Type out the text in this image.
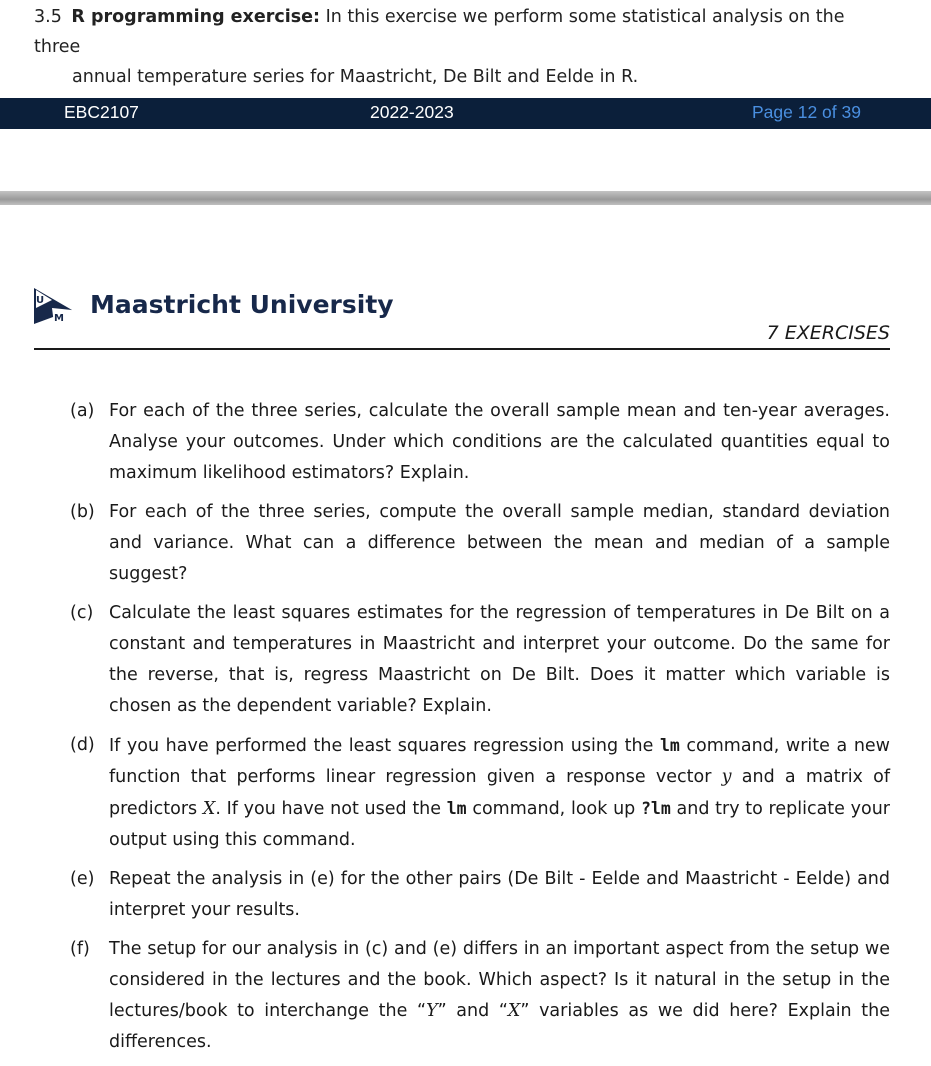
3.5 R programming exercise: In this exercise we perform some statistical analysis on the three
annual temperature series for Maastricht, De Bilt and Eelde in R.
EBC2107	2022-2023	Page 12 of 39
U
M Maastricht University
7 EXERCISES
(a) For each of the three series, calculate the overall sample mean and ten-year averages. Analyse your outcomes. Under which conditions are the calculated quantities equal to maximum likelihood estimators? Explain.
(b) For each of the three series, compute the overall sample median, standard deviation and variance. What can a difference between the mean and median of a sample suggest?
(c) Calculate the least squares estimates for the regression of temperatures in De Bilt on a constant and temperatures in Maastricht and interpret your outcome. Do the same for the reverse, that is, regress Maastricht on De Bilt. Does it matter which variable is chosen as the dependent variable? Explain.
(d) If you have performed the least squares regression using the lm command, write a new function that performs linear regression given a response vector y and a matrix of predictors X. If you have not used the lm command, look up ?lm and try to replicate your output using this command.
(e) Repeat the analysis in (e) for the other pairs (De Bilt - Eelde and Maastricht - Eelde) and interpret your results.
(f) The setup for our analysis in (c) and (e) differs in an important aspect from the setup we considered in the lectures and the book. Which aspect? Is it natural in the setup in the lectures/book to interchange the “Y” and “X” variables as we did here? Explain the differences.
